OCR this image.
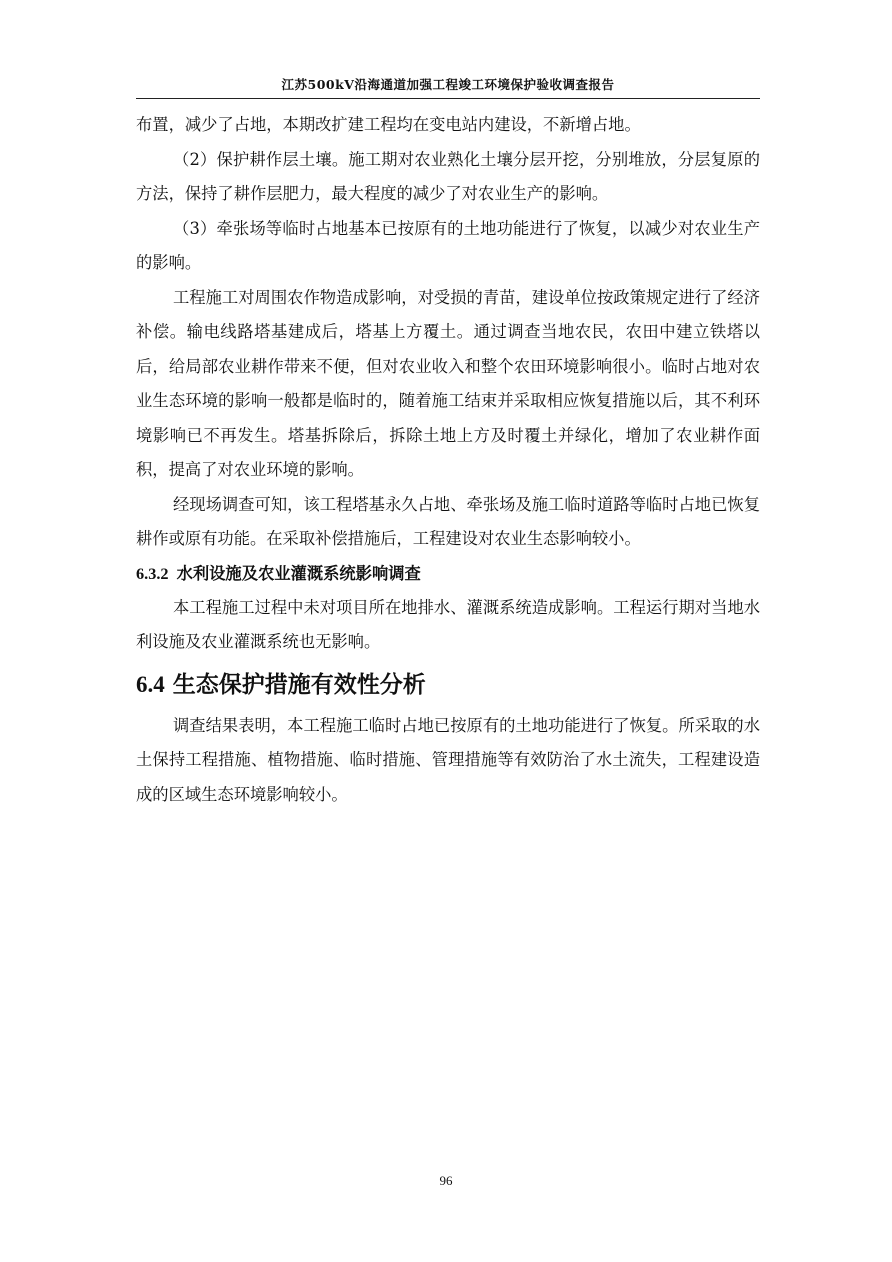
江苏500kV沿海通道加强工程竣工环境保护验收调查报告

布置，减少了占地，本期改扩建工程均在变电站内建设，不新增占地。

（2）保护耕作层土壤。施工期对农业熟化土壤分层开挖，分别堆放，分层复原的方法，保持了耕作层肥力，最大程度的减少了对农业生产的影响。

（3）牵张场等临时占地基本已按原有的土地功能进行了恢复，以减少对农业生产的影响。

工程施工对周围农作物造成影响，对受损的青苗，建设单位按政策规定进行了经济补偿。输电线路塔基建成后，塔基上方覆土。通过调查当地农民，农田中建立铁塔以后，给局部农业耕作带来不便，但对农业收入和整个农田环境影响很小。临时占地对农业生态环境的影响一般都是临时的，随着施工结束并采取相应恢复措施以后，其不利环境影响已不再发生。塔基拆除后，拆除土地上方及时覆土并绿化，增加了农业耕作面积，提高了对农业环境的影响。

经现场调查可知，该工程塔基永久占地、牵张场及施工临时道路等临时占地已恢复耕作或原有功能。在采取补偿措施后，工程建设对农业生态影响较小。

6.3.2 水利设施及农业灌溉系统影响调查

本工程施工过程中未对项目所在地排水、灌溉系统造成影响。工程运行期对当地水利设施及农业灌溉系统也无影响。

6.4 生态保护措施有效性分析

调查结果表明，本工程施工临时占地已按原有的土地功能进行了恢复。所采取的水土保持工程措施、植物措施、临时措施、管理措施等有效防治了水土流失，工程建设造成的区域生态环境影响较小。

96
